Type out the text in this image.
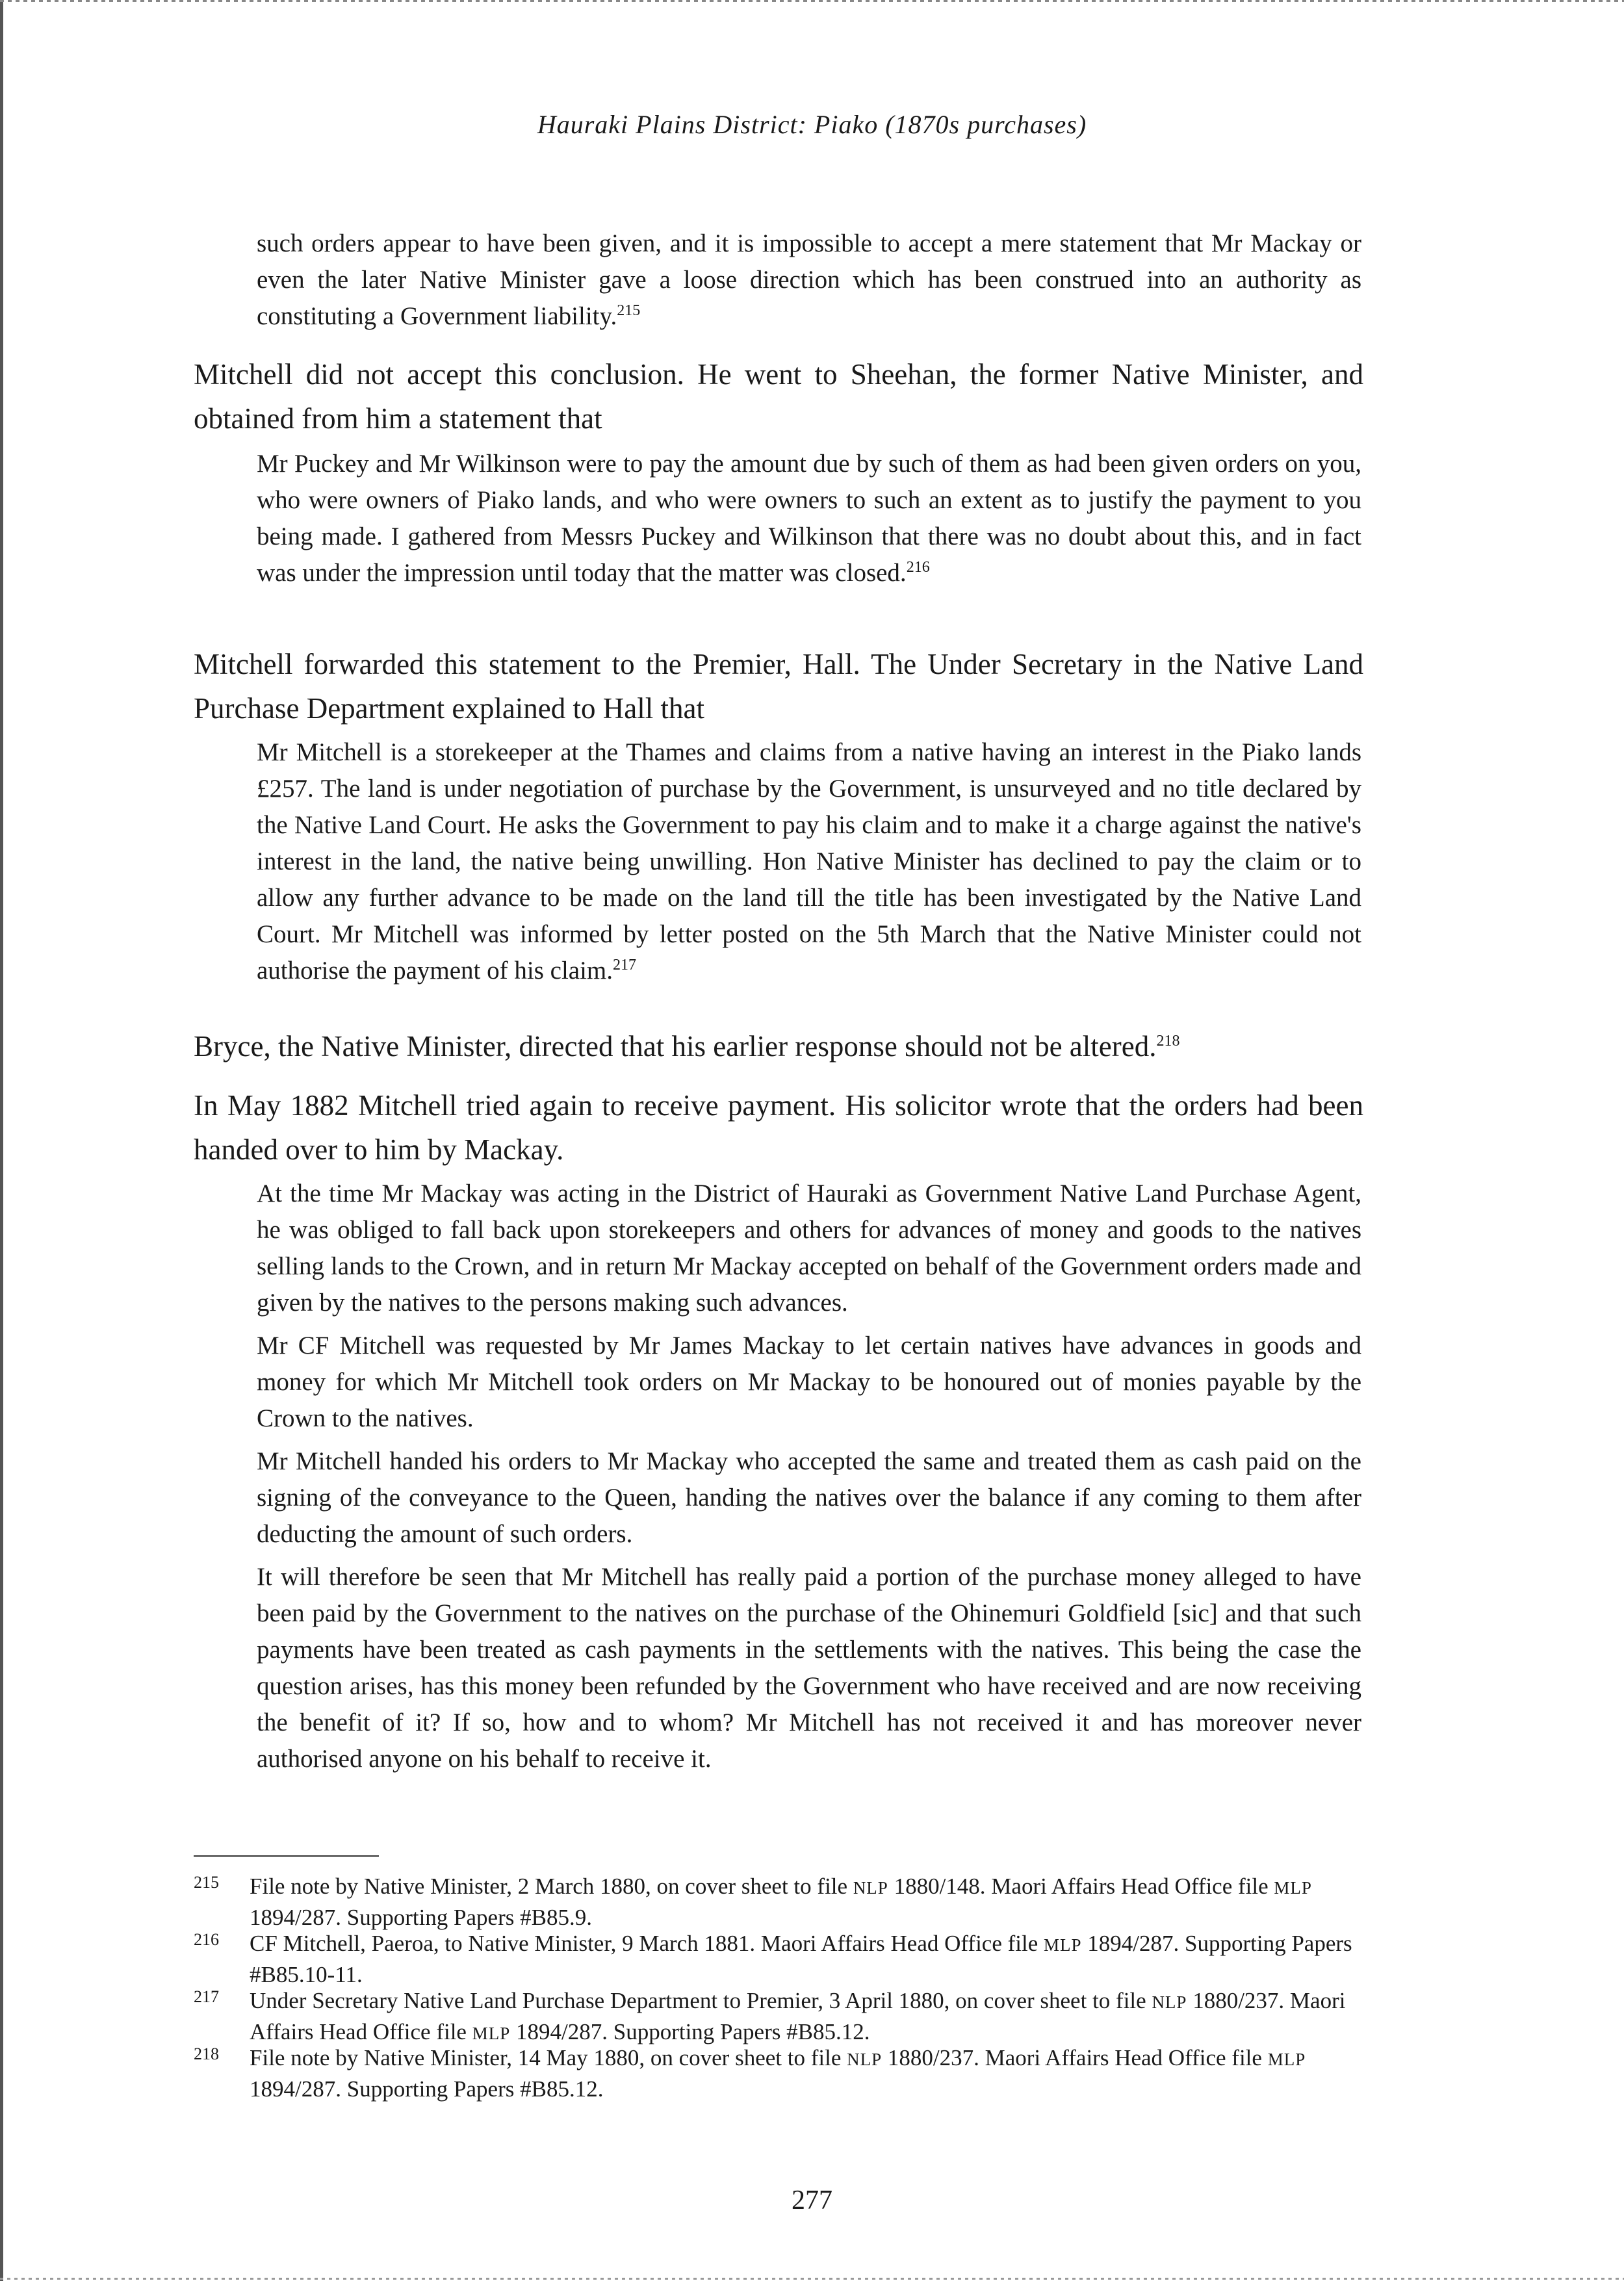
Hauraki Plains District: Piako (1870s purchases)

such orders appear to have been given, and it is impossible to accept a mere statement that Mr Mackay or even the later Native Minister gave a loose direction which has been construed into an authority as constituting a Government liability.$^{215}$

Mitchell did not accept this conclusion. He went to Sheehan, the former Native Minister, and obtained from him a statement that

Mr Puckey and Mr Wilkinson were to pay the amount due by such of them as had been given orders on you, who were owners of Piako lands, and who were owners to such an extent as to justify the payment to you being made. I gathered from Messrs Puckey and Wilkinson that there was no doubt about this, and in fact was under the impression until today that the matter was closed.$^{216}$

Mitchell forwarded this statement to the Premier, Hall. The Under Secretary in the Native Land Purchase Department explained to Hall that

Mr Mitchell is a storekeeper at the Thames and claims from a native having an interest in the Piako lands £257. The land is under negotiation of purchase by the Government, is unsurveyed and no title declared by the Native Land Court. He asks the Government to pay his claim and to make it a charge against the native's interest in the land, the native being unwilling. Hon Native Minister has declined to pay the claim or to allow any further advance to be made on the land till the title has been investigated by the Native Land Court. Mr Mitchell was informed by letter posted on the 5th March that the Native Minister could not authorise the payment of his claim.$^{217}$

Bryce, the Native Minister, directed that his earlier response should not be altered.$^{218}$

In May 1882 Mitchell tried again to receive payment. His solicitor wrote that the orders had been handed over to him by Mackay.

At the time Mr Mackay was acting in the District of Hauraki as Government Native Land Purchase Agent, he was obliged to fall back upon storekeepers and others for advances of money and goods to the natives selling lands to the Crown, and in return Mr Mackay accepted on behalf of the Government orders made and given by the natives to the persons making such advances.

Mr CF Mitchell was requested by Mr James Mackay to let certain natives have advances in goods and money for which Mr Mitchell took orders on Mr Mackay to be honoured out of monies payable by the Crown to the natives.

Mr Mitchell handed his orders to Mr Mackay who accepted the same and treated them as cash paid on the signing of the conveyance to the Queen, handing the natives over the balance if any coming to them after deducting the amount of such orders.

It will therefore be seen that Mr Mitchell has really paid a portion of the purchase money alleged to have been paid by the Government to the natives on the purchase of the Ohinemuri Goldfield [sic] and that such payments have been treated as cash payments in the settlements with the natives. This being the case the question arises, has this money been refunded by the Government who have received and are now receiving the benefit of it? If so, how and to whom? Mr Mitchell has not received it and has moreover never authorised anyone on his behalf to receive it.

215 File note by Native Minister, 2 March 1880, on cover sheet to file NLP 1880/148. Maori Affairs Head Office file MLP 1894/287. Supporting Papers #B85.9.
216 CF Mitchell, Paeroa, to Native Minister, 9 March 1881. Maori Affairs Head Office file MLP 1894/287. Supporting Papers #B85.10-11.
217 Under Secretary Native Land Purchase Department to Premier, 3 April 1880, on cover sheet to file NLP 1880/237. Maori Affairs Head Office file MLP 1894/287. Supporting Papers #B85.12.
218 File note by Native Minister, 14 May 1880, on cover sheet to file NLP 1880/237. Maori Affairs Head Office file MLP 1894/287. Supporting Papers #B85.12.
277
